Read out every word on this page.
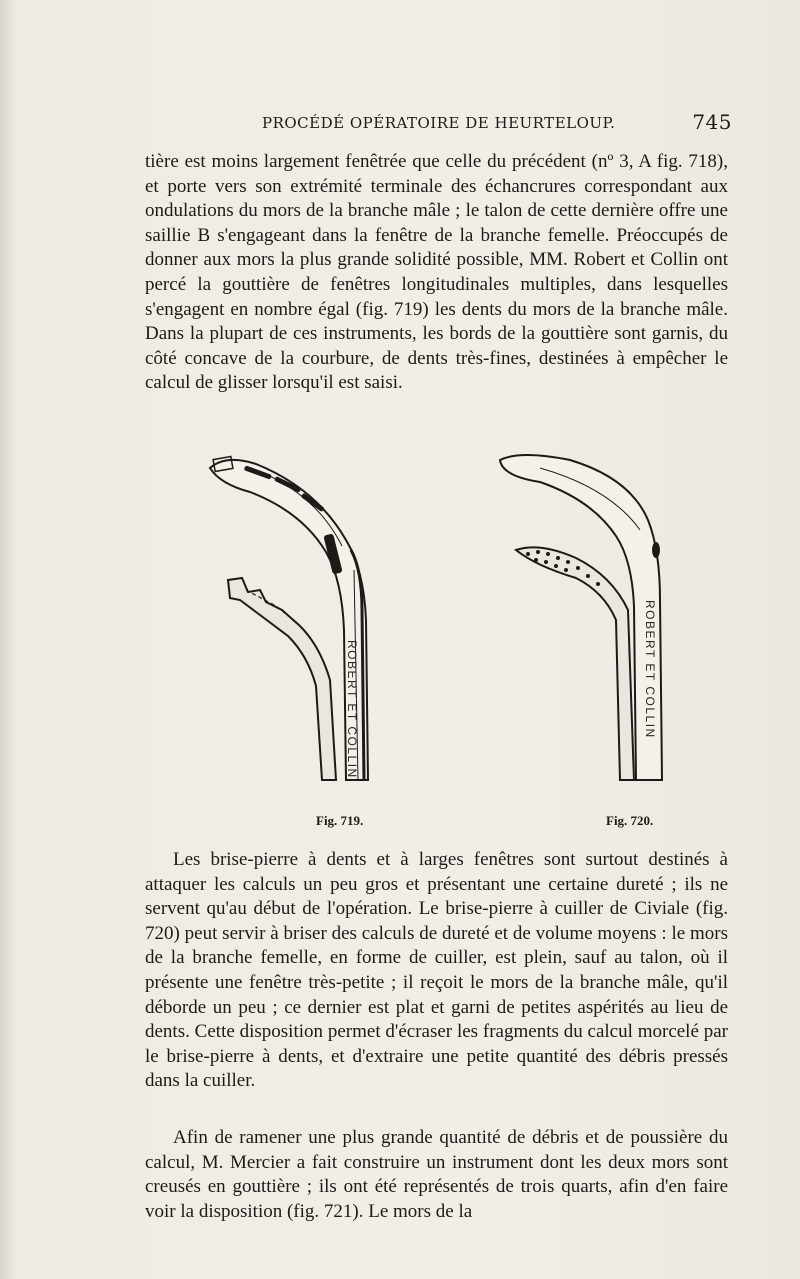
PROCÉDÉ OPÉRATOIRE DE HEURTELOUP.	745
tière est moins largement fenêtrée que celle du précédent (nº 3, A fig. 718), et porte vers son extrémité terminale des échancrures correspondant aux ondulations du mors de la branche mâle ; le talon de cette dernière offre une saillie B s'engageant dans la fenêtre de la branche femelle. Préoccupés de donner aux mors la plus grande solidité possible, MM. Robert et Collin ont percé la gouttière de fenêtres longitudinales multiples, dans lesquelles s'engagent en nombre égal (fig. 719) les dents du mors de la branche mâle. Dans la plupart de ces instruments, les bords de la gouttière sont garnis, du côté concave de la courbure, de dents très-fines, destinées à empêcher le calcul de glisser lorsqu'il est saisi.
ROBERT ET COLLIN	ROBERT ET COLLIN
Fig. 719.	Fig. 720.
Les brise-pierre à dents et à larges fenêtres sont surtout destinés à attaquer les calculs un peu gros et présentant une certaine dureté ; ils ne servent qu'au début de l'opération. Le brise-pierre à cuiller de Civiale (fig. 720) peut servir à briser des calculs de dureté et de volume moyens : le mors de la branche femelle, en forme de cuiller, est plein, sauf au talon, où il présente une fenêtre très-petite ; il reçoit le mors de la branche mâle, qu'il déborde un peu ; ce dernier est plat et garni de petites aspérités au lieu de dents. Cette disposition permet d'écraser les fragments du calcul morcelé par le brise-pierre à dents, et d'extraire une petite quantité des débris pressés dans la cuiller.
Afin de ramener une plus grande quantité de débris et de poussière du calcul, M. Mercier a fait construire un instrument dont les deux mors sont creusés en gouttière ; ils ont été représentés de trois quarts, afin d'en faire voir la disposition (fig. 721). Le mors de la
